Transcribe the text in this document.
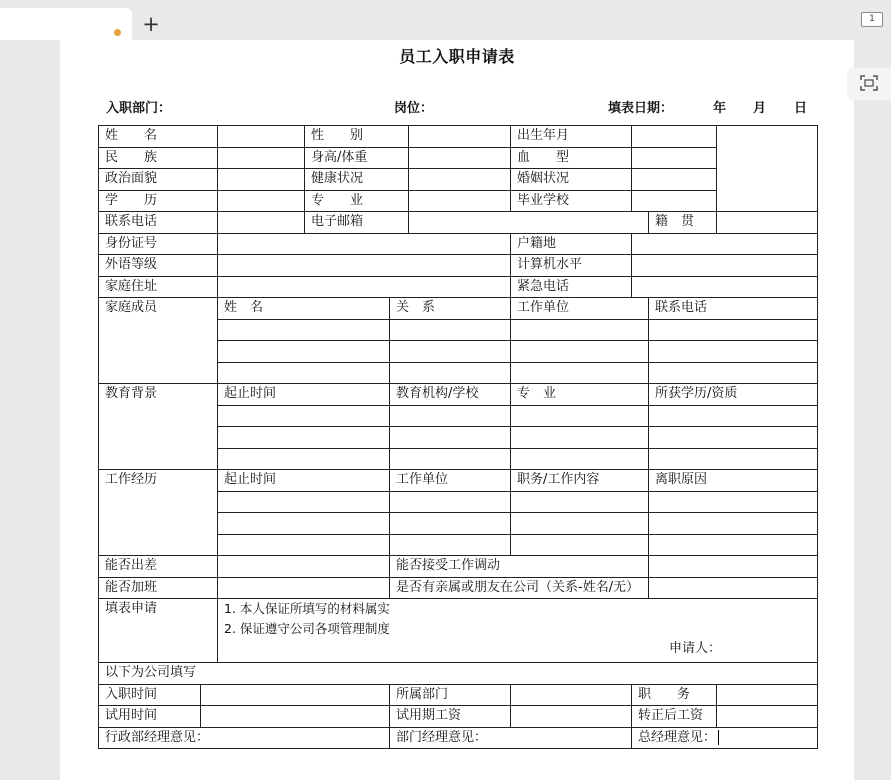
+	1
员工入职申请表
入职部门：	岗位：	填表日期：	年 月 日
姓　　名			性　　别			出生年月			
民　　族			身高/体重			血　　型			
政治面貌			健康状况			婚姻状况			
学　　历			专　　业			毕业学校			
联系电话			电子邮箱					籍　贯	
身份证号						户籍地			
外语等级						计算机水平			
家庭住址						紧急电话			
家庭成员		姓　名		关　系		工作单位		联系电话	

教育背景		起止时间		教育机构/学校		专　业		所获学历/资质	

工作经历		起止时间		工作单位		职务/工作内容		离职原因	

能否出差				能否接受工作调动					
能否加班				是否有亲属或朋友在公司（关系-姓名/无）					
填表申请		1. 本人保证所填写的材料属实
2. 保证遵守公司各项管理制度
申请人：							

以下为公司填写									
入职时间				所属部门			职　　务		
试用时间				试用期工资			转正后工资		
行政部经理意见：				部门经理意见：			总经理意见：		
